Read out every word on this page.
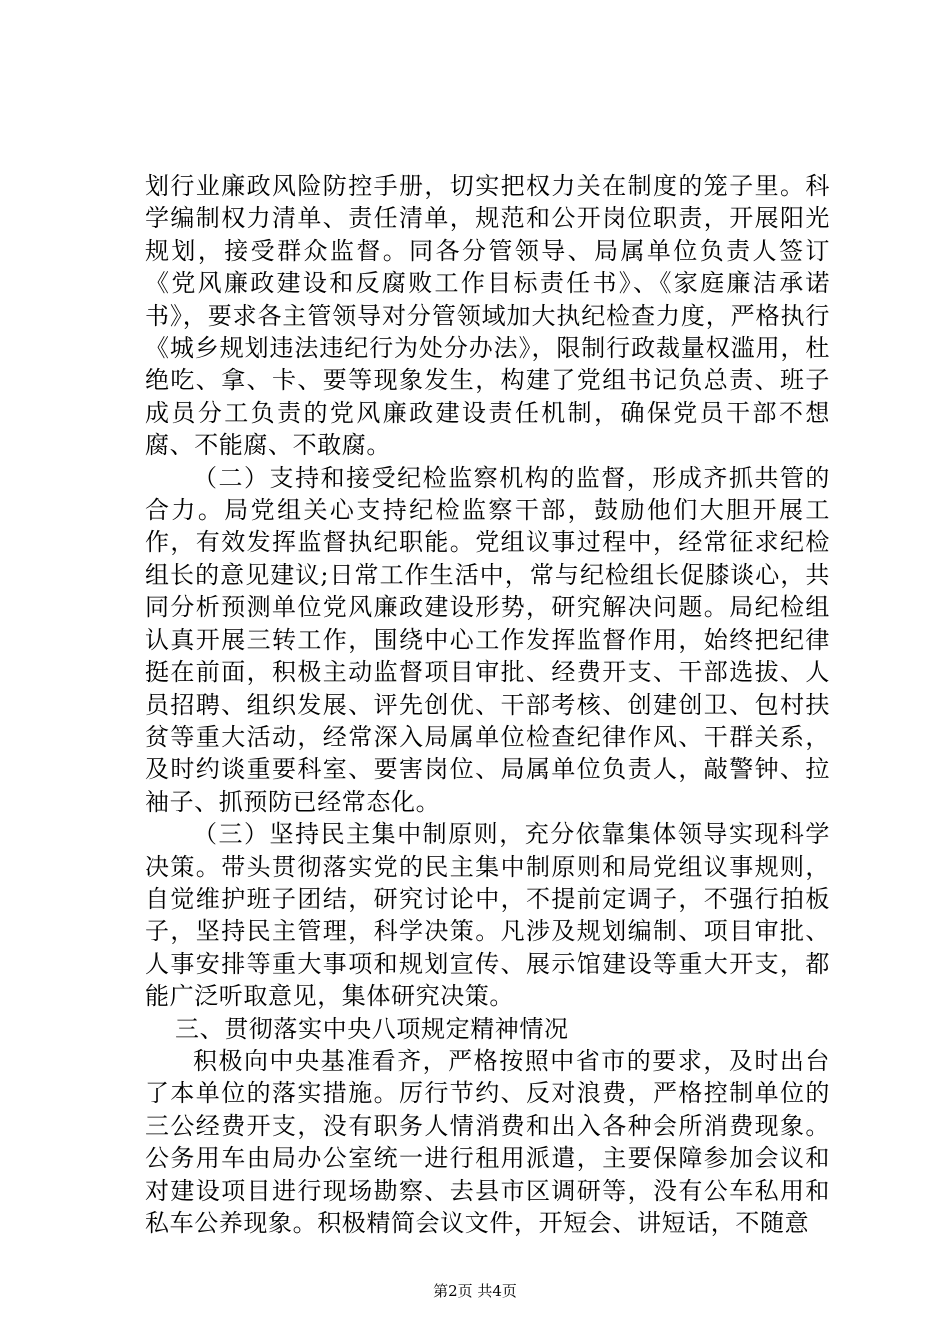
划行业廉政风险防控手册，切实把权力关在制度的笼子里。科学编制权力清单、责任清单，规范和公开岗位职责，开展阳光规划，接受群众监督。同各分管领导、局属单位负责人签订《党风廉政建设和反腐败工作目标责任书》、《家庭廉洁承诺书》，要求各主管领导对分管领域加大执纪检查力度，严格执行《城乡规划违法违纪行为处分办法》，限制行政裁量权滥用，杜绝吃、拿、卡、要等现象发生，构建了党组书记负总责、班子成员分工负责的党风廉政建设责任机制，确保党员干部不想腐、不能腐、不敢腐。

（二）支持和接受纪检监察机构的监督，形成齐抓共管的合力。局党组关心支持纪检监察干部，鼓励他们大胆开展工作，有效发挥监督执纪职能。党组议事过程中，经常征求纪检组长的意见建议;日常工作生活中，常与纪检组长促膝谈心，共同分析预测单位党风廉政建设形势，研究解决问题。局纪检组认真开展三转工作，围绕中心工作发挥监督作用，始终把纪律挺在前面，积极主动监督项目审批、经费开支、干部选拔、人员招聘、组织发展、评先创优、干部考核、创建创卫、包村扶贫等重大活动，经常深入局属单位检查纪律作风、干群关系，及时约谈重要科室、要害岗位、局属单位负责人，敲警钟、拉袖子、抓预防已经常态化。

（三）坚持民主集中制原则，充分依靠集体领导实现科学决策。带头贯彻落实党的民主集中制原则和局党组议事规则，自觉维护班子团结，研究讨论中，不提前定调子，不强行拍板子，坚持民主管理，科学决策。凡涉及规划编制、项目审批、人事安排等重大事项和规划宣传、展示馆建设等重大开支，都能广泛听取意见，集体研究决策。

三、贯彻落实中央八项规定精神情况

积极向中央基准看齐，严格按照中省市的要求，及时出台了本单位的落实措施。厉行节约、反对浪费，严格控制单位的三公经费开支，没有职务人情消费和出入各种会所消费现象。公务用车由局办公室统一进行租用派遣，主要保障参加会议和对建设项目进行现场勘察、去县市区调研等，没有公车私用和私车公养现象。积极精简会议文件，开短会、讲短话，不随意

第2页 共4页
